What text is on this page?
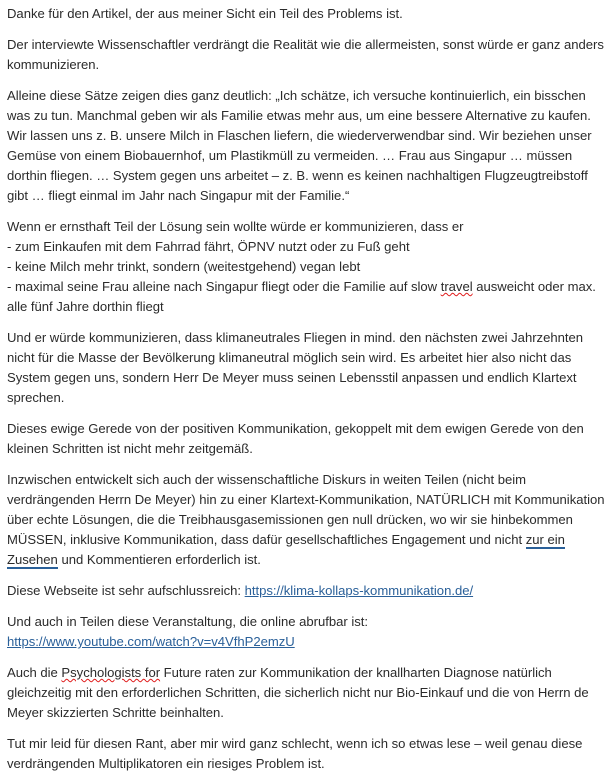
Danke für den Artikel, der aus meiner Sicht ein Teil des Problems ist.

Der interviewte Wissenschaftler verdrängt die Realität wie die allermeisten, sonst würde er ganz anders kommunizieren.

Alleine diese Sätze zeigen dies ganz deutlich: „Ich schätze, ich versuche kontinuierlich, ein bisschen was zu tun. Manchmal geben wir als Familie etwas mehr aus, um eine bessere Alternative zu kaufen. Wir lassen uns z. B. unsere Milch in Flaschen liefern, die wiederverwendbar sind. Wir beziehen unser Gemüse von einem Biobauernhof, um Plastikmüll zu vermeiden. … Frau aus Singapur … müssen dorthin fliegen. … System gegen uns arbeitet – z. B. wenn es keinen nachhaltigen Flugzeugtreibstoff gibt … fliegt einmal im Jahr nach Singapur mit der Familie.“

Wenn er ernsthaft Teil der Lösung sein wollte würde er kommunizieren, dass er

- zum Einkaufen mit dem Fahrrad fährt, ÖPNV nutzt oder zu Fuß geht

- keine Milch mehr trinkt, sondern (weitestgehend) vegan lebt

- maximal seine Frau alleine nach Singapur fliegt oder die Familie auf slow travel ausweicht oder max. alle fünf Jahre dorthin fliegt

Und er würde kommunizieren, dass klimaneutrales Fliegen in mind. den nächsten zwei Jahrzehnten nicht für die Masse der Bevölkerung klimaneutral möglich sein wird. Es arbeitet hier also nicht das System gegen uns, sondern Herr De Meyer muss seinen Lebensstil anpassen und endlich Klartext sprechen.

Dieses ewige Gerede von der positiven Kommunikation, gekoppelt mit dem ewigen Gerede von den kleinen Schritten ist nicht mehr zeitgemäß.

Inzwischen entwickelt sich auch der wissenschaftliche Diskurs in weiten Teilen (nicht beim verdrängenden Herrn De Meyer) hin zu einer Klartext-Kommunikation, NATÜRLICH mit Kommunikation über echte Lösungen, die die Treibhausgasemissionen gen null drücken, wo wir sie hinbekommen MÜSSEN, inklusive Kommunikation, dass dafür gesellschaftliches Engagement und nicht zur ein Zusehen und Kommentieren erforderlich ist.

Diese Webseite ist sehr aufschlussreich: https://klima-kollaps-kommunikation.de/

Und auch in Teilen diese Veranstaltung, die online abrufbar ist:
https://www.youtube.com/watch?v=v4VfhP2emzU

Auch die Psychologists for Future raten zur Kommunikation der knallharten Diagnose natürlich gleichzeitig mit den erforderlichen Schritten, die sicherlich nicht nur Bio-Einkauf und die von Herrn de Meyer skizzierten Schritte beinhalten.

Tut mir leid für diesen Rant, aber mir wird ganz schlecht, wenn ich so etwas lese – weil genau diese verdrängenden Multiplikatoren ein riesiges Problem ist.
